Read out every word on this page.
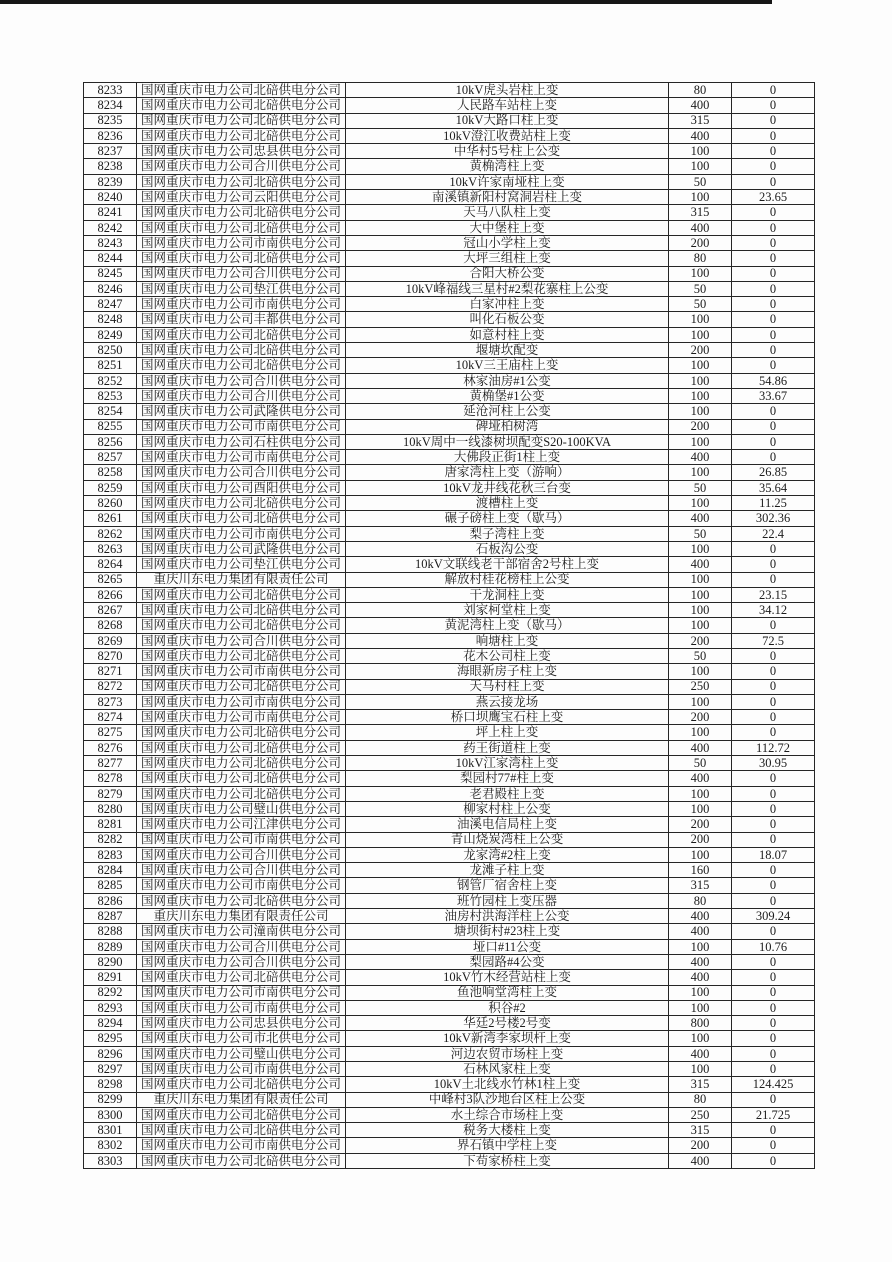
8233	国网重庆市电力公司北碚供电分公司	10kV虎头岩柱上变	80	0
8234	国网重庆市电力公司北碚供电分公司	人民路车站柱上变	400	0
8235	国网重庆市电力公司北碚供电分公司	10kV大路口柱上变	315	0
8236	国网重庆市电力公司北碚供电分公司	10kV澄江收费站柱上变	400	0
8237	国网重庆市电力公司忠县供电分公司	中华村5号柱上公变	100	0
8238	国网重庆市电力公司合川供电分公司	黄桷湾柱上变	100	0
8239	国网重庆市电力公司北碚供电分公司	10kV许家南垭柱上变	50	0
8240	国网重庆市电力公司云阳供电分公司	南溪镇新阳村窝洞岩柱上变	100	23.65
8241	国网重庆市电力公司北碚供电分公司	天马八队柱上变	315	0
8242	国网重庆市电力公司北碚供电分公司	大中堡柱上变	400	0
8243	国网重庆市电力公司市南供电分公司	冠山小学柱上变	200	0
8244	国网重庆市电力公司北碚供电分公司	大坪三组柱上变	80	0
8245	国网重庆市电力公司合川供电分公司	合阳大桥公变	100	0
8246	国网重庆市电力公司垫江供电分公司	10kV峰福线三星村#2梨花寨柱上公变	50	0
8247	国网重庆市电力公司市南供电分公司	白家冲柱上变	50	0
8248	国网重庆市电力公司丰都供电分公司	叫化石板公变	100	0
8249	国网重庆市电力公司北碚供电分公司	如意村柱上变	100	0
8250	国网重庆市电力公司北碚供电分公司	堰塘坎配变	200	0
8251	国网重庆市电力公司北碚供电分公司	10kV三王庙柱上变	100	0
8252	国网重庆市电力公司合川供电分公司	林家油房#1公变	100	54.86
8253	国网重庆市电力公司合川供电分公司	黄桷堡#1公变	100	33.67
8254	国网重庆市电力公司武隆供电分公司	延沧河柱上公变	100	0
8255	国网重庆市电力公司市南供电分公司	碑垭柏树湾	200	0
8256	国网重庆市电力公司石柱供电分公司	10kV周中一线漆树坝配变S20-100KVA	100	0
8257	国网重庆市电力公司市南供电分公司	大佛段正街1柱上变	400	0
8258	国网重庆市电力公司合川供电分公司	唐家湾柱上变（游响）	100	26.85
8259	国网重庆市电力公司酉阳供电分公司	10kV龙井线花秋三台变	50	35.64
8260	国网重庆市电力公司北碚供电分公司	渡槽柱上变	100	11.25
8261	国网重庆市电力公司北碚供电分公司	碾子磅柱上变（歇马）	400	302.36
8262	国网重庆市电力公司市南供电分公司	梨子湾柱上变	50	22.4
8263	国网重庆市电力公司武隆供电分公司	石板沟公变	100	0
8264	国网重庆市电力公司垫江供电分公司	10kV文联线老干部宿舍2号柱上变	400	0
8265	重庆川东电力集团有限责任公司	解放村桂花榜柱上公变	100	0
8266	国网重庆市电力公司北碚供电分公司	干龙洞柱上变	100	23.15
8267	国网重庆市电力公司北碚供电分公司	刘家柯堂柱上变	100	34.12
8268	国网重庆市电力公司北碚供电分公司	黄泥湾柱上变（歇马）	100	0
8269	国网重庆市电力公司合川供电分公司	响塘柱上变	200	72.5
8270	国网重庆市电力公司北碚供电分公司	花木公司柱上变	50	0
8271	国网重庆市电力公司市南供电分公司	海眼新房子柱上变	100	0
8272	国网重庆市电力公司北碚供电分公司	天马村柱上变	250	0
8273	国网重庆市电力公司市南供电分公司	燕云接龙场	100	0
8274	国网重庆市电力公司市南供电分公司	桥口坝鹰宝石柱上变	200	0
8275	国网重庆市电力公司北碚供电分公司	坪上柱上变	100	0
8276	国网重庆市电力公司北碚供电分公司	药王街道柱上变	400	112.72
8277	国网重庆市电力公司北碚供电分公司	10kV江家湾柱上变	50	30.95
8278	国网重庆市电力公司北碚供电分公司	梨园村77#柱上变	400	0
8279	国网重庆市电力公司北碚供电分公司	老君殿柱上变	100	0
8280	国网重庆市电力公司璧山供电分公司	柳家村柱上公变	100	0
8281	国网重庆市电力公司江津供电分公司	油溪电信局柱上变	200	0
8282	国网重庆市电力公司市南供电分公司	青山烧炭湾柱上公变	200	0
8283	国网重庆市电力公司合川供电分公司	龙家湾#2柱上变	100	18.07
8284	国网重庆市电力公司合川供电分公司	龙滩子柱上变	160	0
8285	国网重庆市电力公司市南供电分公司	钢管厂宿舍柱上变	315	0
8286	国网重庆市电力公司北碚供电分公司	班竹园柱上变压器	80	0
8287	重庆川东电力集团有限责任公司	油房村洪海洋柱上公变	400	309.24
8288	国网重庆市电力公司潼南供电分公司	塘坝街村#23柱上变	400	0
8289	国网重庆市电力公司合川供电分公司	垭口#11公变	100	10.76
8290	国网重庆市电力公司合川供电分公司	梨园路#4公变	400	0
8291	国网重庆市电力公司北碚供电分公司	10kV竹木经营站柱上变	400	0
8292	国网重庆市电力公司市南供电分公司	鱼池响堂湾柱上变	100	0
8293	国网重庆市电力公司市南供电分公司	积谷#2	100	0
8294	国网重庆市电力公司忠县供电分公司	华廷2号楼2号变	800	0
8295	国网重庆市电力公司市北供电分公司	10kV新湾李家坝杆上变	100	0
8296	国网重庆市电力公司璧山供电分公司	河边农贸市场柱上变	400	0
8297	国网重庆市电力公司市南供电分公司	石林风家柱上变	100	0
8298	国网重庆市电力公司北碚供电分公司	10kV土北线水竹林1柱上变	315	124.425
8299	重庆川东电力集团有限责任公司	中峰村3队沙地台区柱上公变	80	0
8300	国网重庆市电力公司北碚供电分公司	水土综合市场柱上变	250	21.725
8301	国网重庆市电力公司北碚供电分公司	税务大楼柱上变	315	0
8302	国网重庆市电力公司市南供电分公司	界石镇中学柱上变	200	0
8303	国网重庆市电力公司北碚供电分公司	下苟家桥柱上变	400	0
